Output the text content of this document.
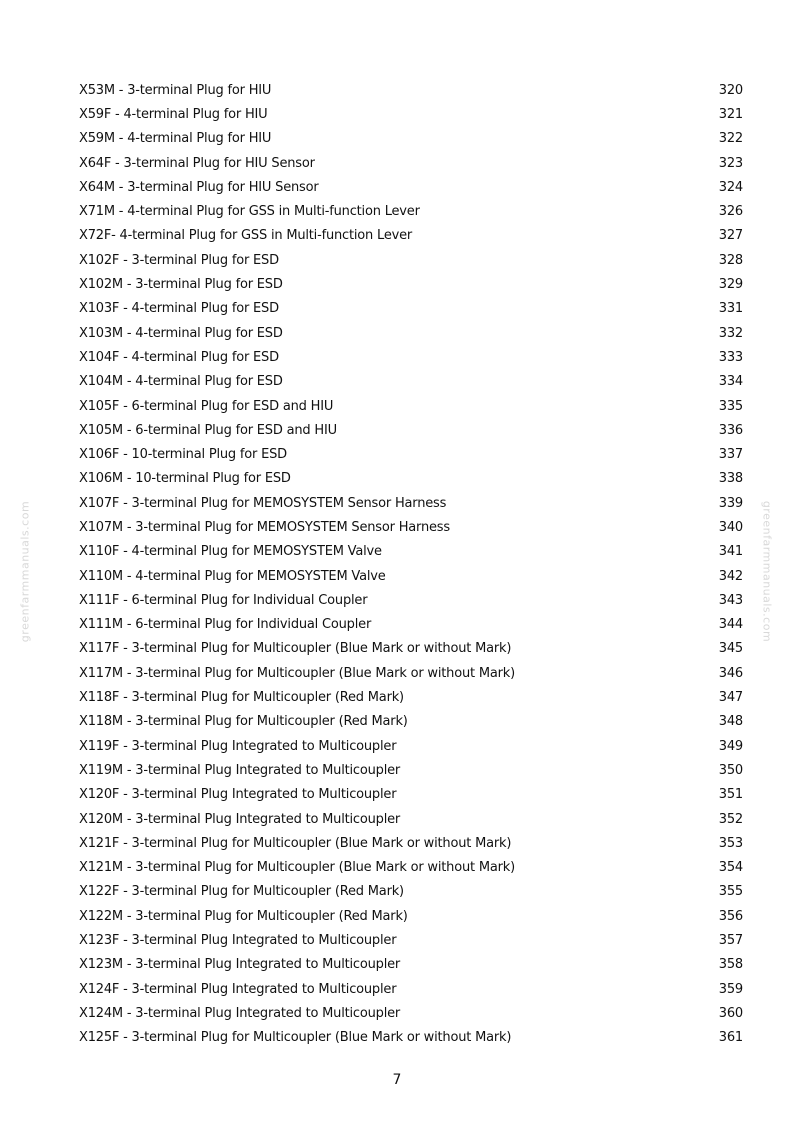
greenfarmmanuals.com	greenfarmmanuals.com
X53M - 3-terminal Plug for HIU	320
X59F - 4-terminal Plug for HIU	321
X59M - 4-terminal Plug for HIU	322
X64F - 3-terminal Plug for HIU Sensor	323
X64M - 3-terminal Plug for HIU Sensor	324
X71M - 4-terminal Plug for GSS in Multi-function Lever	326
X72F- 4-terminal Plug for GSS in Multi-function Lever	327
X102F - 3-terminal Plug for ESD	328
X102M - 3-terminal Plug for ESD	329
X103F - 4-terminal Plug for ESD	331
X103M - 4-terminal Plug for ESD	332
X104F - 4-terminal Plug for ESD	333
X104M - 4-terminal Plug for ESD	334
X105F - 6-terminal Plug for ESD and HIU	335
X105M - 6-terminal Plug for ESD and HIU	336
X106F - 10-terminal Plug for ESD	337
X106M - 10-terminal Plug for ESD	338
X107F - 3-terminal Plug for MEMOSYSTEM Sensor Harness	339
X107M - 3-terminal Plug for MEMOSYSTEM Sensor Harness	340
X110F - 4-terminal Plug for MEMOSYSTEM Valve	341
X110M - 4-terminal Plug for MEMOSYSTEM Valve	342
X111F - 6-terminal Plug for Individual Coupler	343
X111M - 6-terminal Plug for Individual Coupler	344
X117F - 3-terminal Plug for Multicoupler (Blue Mark or without Mark)	345
X117M - 3-terminal Plug for Multicoupler (Blue Mark or without Mark)	346
X118F - 3-terminal Plug for Multicoupler (Red Mark)	347
X118M - 3-terminal Plug for Multicoupler (Red Mark)	348
X119F - 3-terminal Plug Integrated to Multicoupler	349
X119M - 3-terminal Plug Integrated to Multicoupler	350
X120F - 3-terminal Plug Integrated to Multicoupler	351
X120M - 3-terminal Plug Integrated to Multicoupler	352
X121F - 3-terminal Plug for Multicoupler (Blue Mark or without Mark)	353
X121M - 3-terminal Plug for Multicoupler (Blue Mark or without Mark)	354
X122F - 3-terminal Plug for Multicoupler (Red Mark)	355
X122M - 3-terminal Plug for Multicoupler (Red Mark)	356
X123F - 3-terminal Plug Integrated to Multicoupler	357
X123M - 3-terminal Plug Integrated to Multicoupler	358
X124F - 3-terminal Plug Integrated to Multicoupler	359
X124M - 3-terminal Plug Integrated to Multicoupler	360
X125F - 3-terminal Plug for Multicoupler (Blue Mark or without Mark)	361
7
